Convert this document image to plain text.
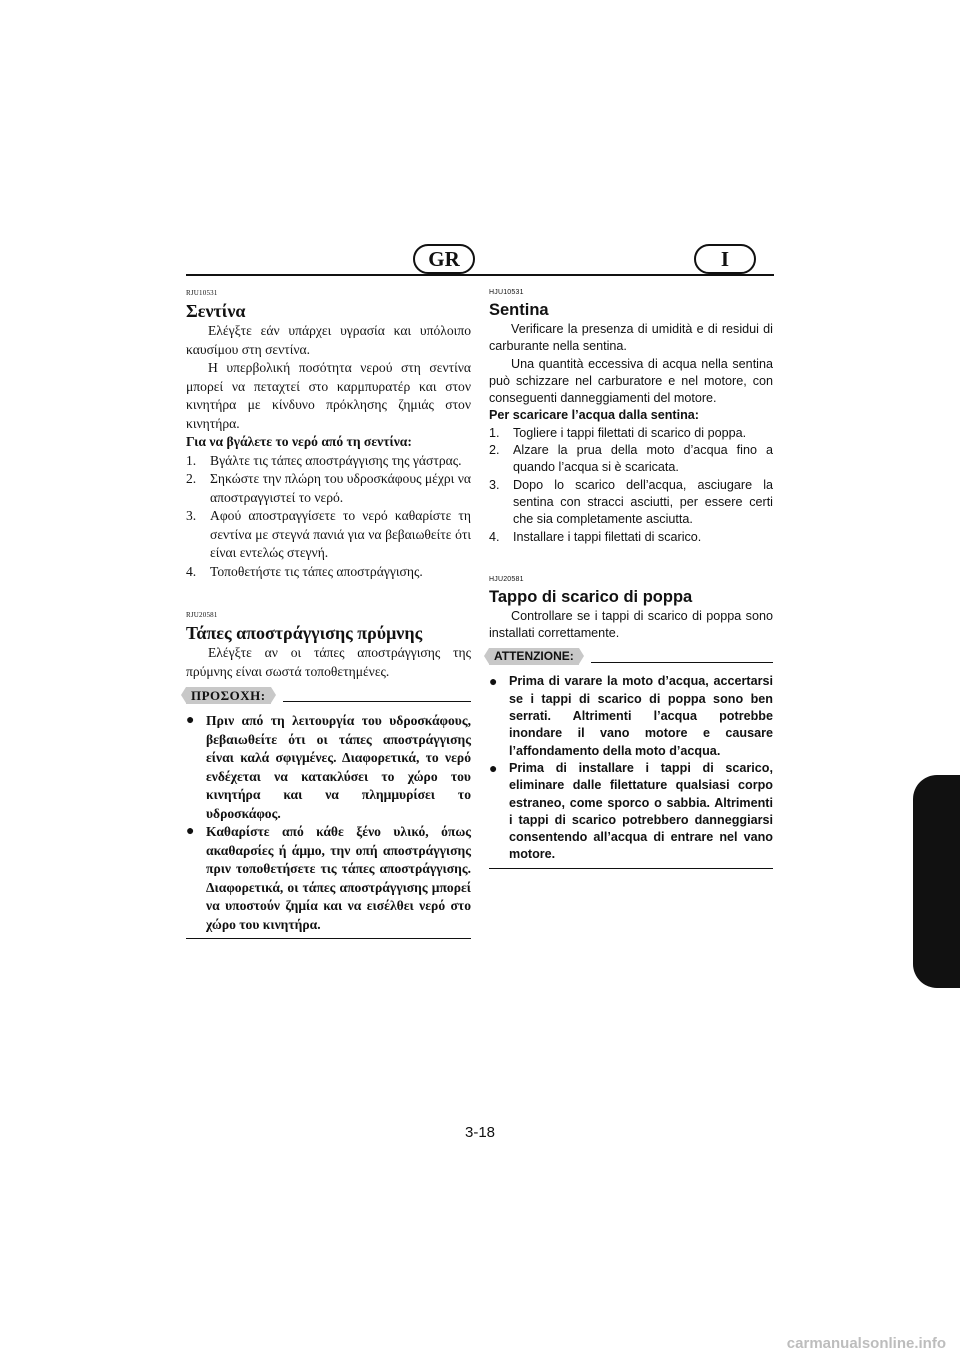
GR	I
RJU10531
Σεντίνα

Ελέγξτε εάν υπάρχει υγρασία και υπόλοιπο καυσίμου στη σεντίνα.

Η υπερβολική ποσότητα νερού στη σεντίνα μπορεί να πεταχτεί στο καρμπυρατέρ και στον κινητήρα με κίνδυνο πρόκλησης ζημιάς στον κινητήρα.

Για να βγάλετε το νερό από τη σεντίνα:

1.	Βγάλτε τις τάπες αποστράγγισης της γάστρας.
2.	Σηκώστε την πλώρη του υδροσκάφους μέχρι να αποστραγγιστεί το νερό.
3.	Αφού αποστραγγίσετε το νερό καθαρίστε τη σεντίνα με στεγνά πανιά για να βεβαιωθείτε ότι είναι εντελώς στεγνή.
4.	Τοποθετήστε τις τάπες αποστράγγισης.
RJU20581
Τάπες αποστράγγισης πρύμνης

Ελέγξτε αν οι τάπες αποστράγγισης της πρύμνης είναι σωστά τοποθετημένες.

ΠΡΟΣΟΧΗ:
● Πριν από τη λειτουργία του υδροσκάφους, βεβαιωθείτε ότι οι τάπες αποστράγγισης είναι καλά σφιγμένες. Διαφορετικά, το νερό ενδέχεται να κατακλύσει το χώρο του κινητήρα και να πλημμυρίσει το υδροσκάφος.
● Καθαρίστε από κάθε ξένο υλικό, όπως ακαθαρσίες ή άμμο, την οπή αποστράγγισης πριν τοποθετήσετε τις τάπες αποστράγγισης. Διαφορετικά, οι τάπες αποστράγγισης μπορεί να υποστούν ζημία και να εισέλθει νερό στο χώρο του κινητήρα.
HJU10531
Sentina

Verificare la presenza di umidità e di residui di carburante nella sentina.

Una quantità eccessiva di acqua nella sentina può schizzare nel carburatore e nel motore, con conseguenti danneggiamenti del motore.

Per scaricare l’acqua dalla sentina:

1.	Togliere i tappi filettati di scarico di poppa.
2.	Alzare la prua della moto d’acqua fino a quando l’acqua si è scaricata.
3.	Dopo lo scarico dell’acqua, asciugare la sentina con stracci asciutti, per essere certi che sia completamente asciutta.
4.	Installare i tappi filettati di scarico.
HJU20581
Tappo di scarico di poppa

Controllare se i tappi di scarico di poppa sono installati correttamente.

ATTENZIONE:
● Prima di varare la moto d’acqua, accertarsi se i tappi di scarico di poppa sono ben serrati. Altrimenti l’acqua potrebbe inondare il vano motore e causare l’affondamento della moto d’acqua.
● Prima di installare i tappi di scarico, eliminare dalle filettature qualsiasi corpo estraneo, come sporco o sabbia. Altrimenti i tappi di scarico potrebbero danneggiarsi consentendo all’acqua di entrare nel vano motore.
3-18
carmanualsonline.info
